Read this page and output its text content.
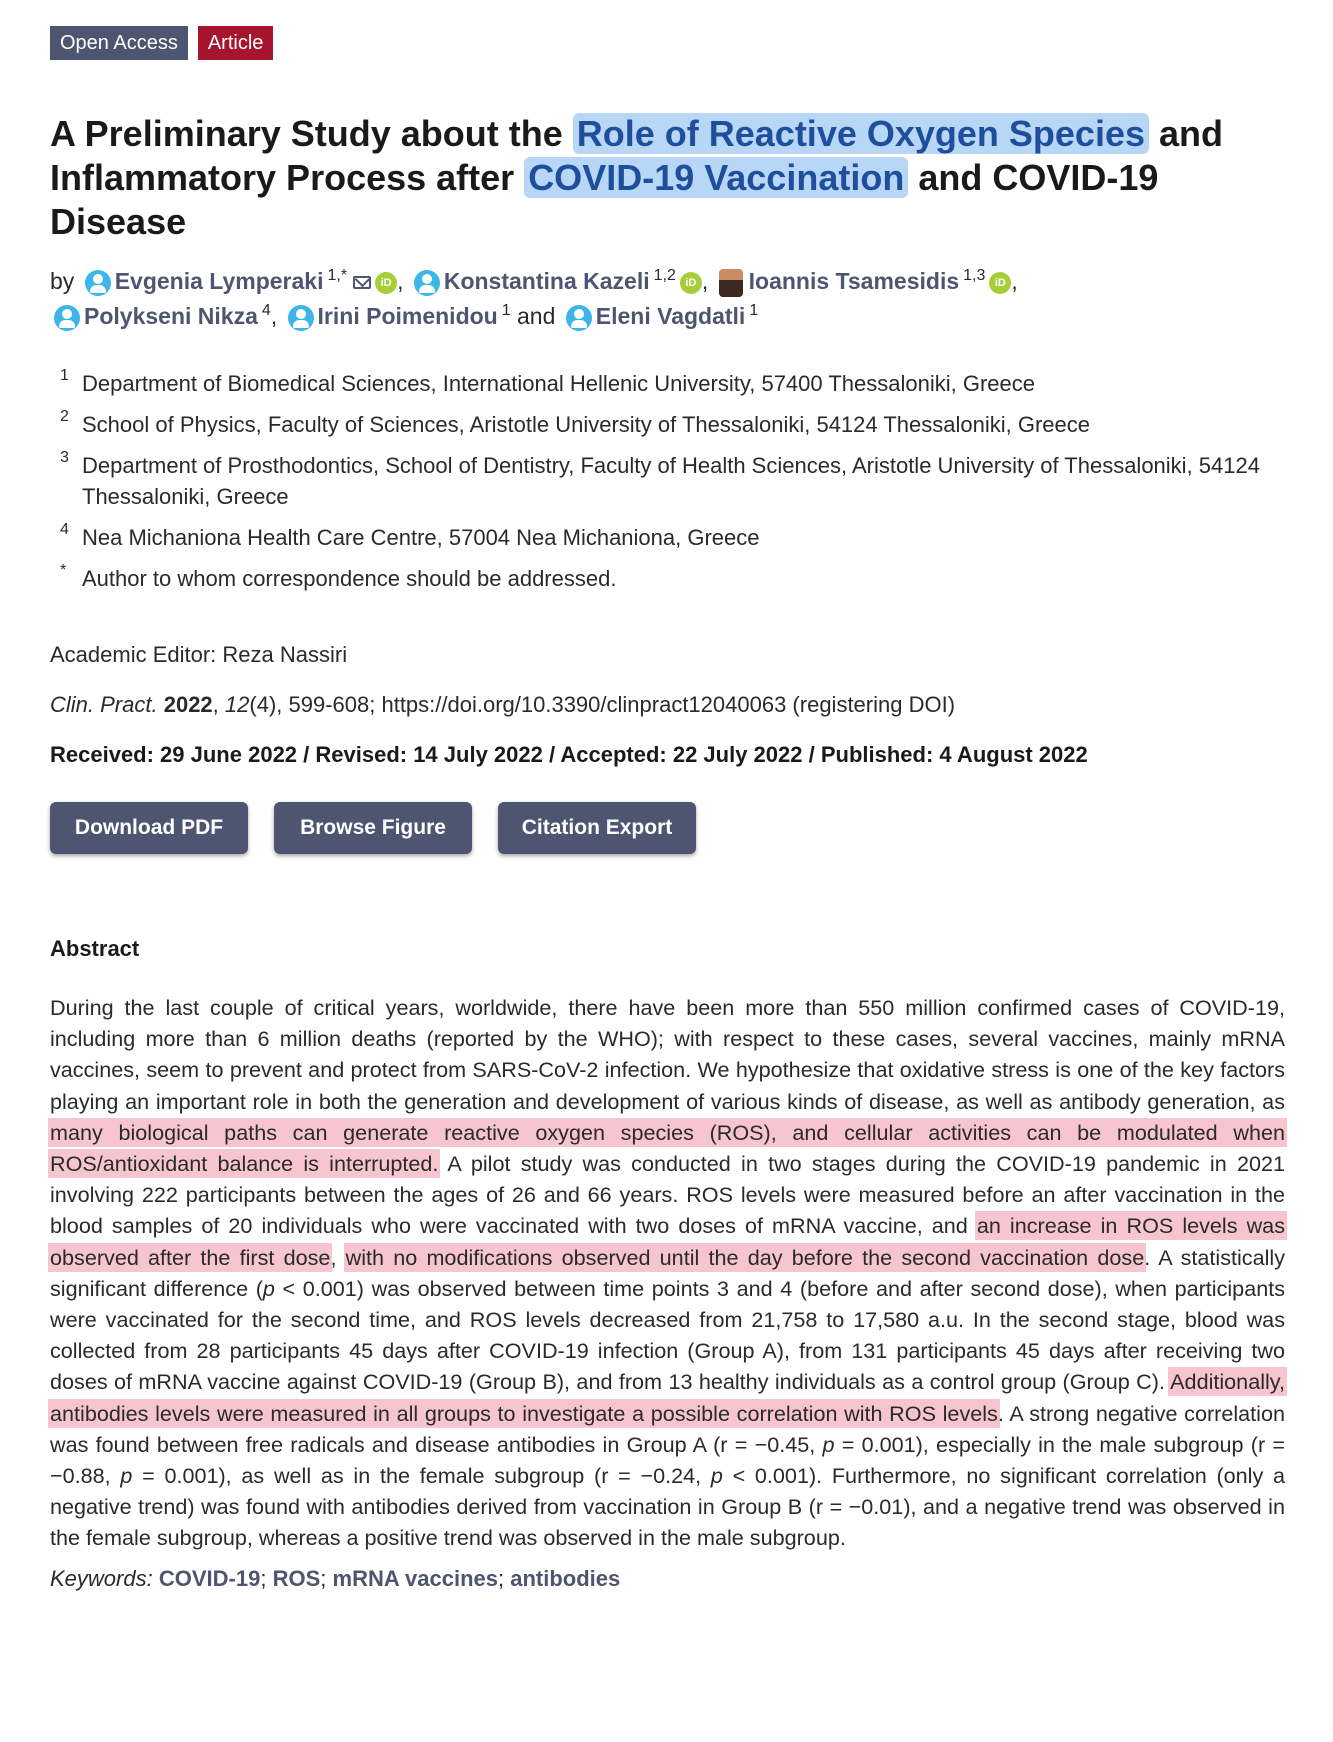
Open Access	Article
A Preliminary Study about the Role of Reactive Oxygen Species and Inflammatory Process after COVID-19 Vaccination and COVID-19 Disease
by Evgenia Lymperaki $^{1,*}$	iD , Konstantina Kazeli $^{1,2}$ iD , Ioannis Tsamesidis $^{1,3}$ iD ,
Polykseni Nikza $^4$, Irini Poimenidou $^1$ and Eleni Vagdatli $^1$
1 Department of Biomedical Sciences, International Hellenic University, 57400 Thessaloniki, Greece
2 School of Physics, Faculty of Sciences, Aristotle University of Thessaloniki, 54124 Thessaloniki, Greece
3 Department of Prosthodontics, School of Dentistry, Faculty of Health Sciences, Aristotle University of Thessaloniki, 54124 Thessaloniki, Greece
4 Nea Michaniona Health Care Centre, 57004 Nea Michaniona, Greece
* Author to whom correspondence should be addressed.
Academic Editor: Reza Nassiri
Clin. Pract. 2022, 12(4), 599-608; https://doi.org/10.3390/clinpract12040063 (registering DOI)
Received: 29 June 2022 / Revised: 14 July 2022 / Accepted: 22 July 2022 / Published: 4 August 2022
Download PDF	Browse Figure	Citation Export
Abstract
During the last couple of critical years, worldwide, there have been more than 550 million confirmed cases of COVID-19, including more than 6 million deaths (reported by the WHO); with respect to these cases, several vaccines, mainly mRNA vaccines, seem to prevent and protect from SARS-CoV-2 infection. We hypothesize that oxidative stress is one of the key factors playing an important role in both the generation and development of various kinds of disease, as well as antibody generation, as many biological paths can generate reactive oxygen species (ROS), and cellular activities can be modulated when ROS/antioxidant balance is interrupted. A pilot study was conducted in two stages during the COVID-19 pandemic in 2021 involving 222 participants between the ages of 26 and 66 years. ROS levels were measured before an after vaccination in the blood samples of 20 individuals who were vaccinated with two doses of mRNA vaccine, and an increase in ROS levels was observed after the first dose, with no modifications observed until the day before the second vaccination dose. A statistically significant difference (p < 0.001) was observed between time points 3 and 4 (before and after second dose), when participants were vaccinated for the second time, and ROS levels decreased from 21,758 to 17,580 a.u. In the second stage, blood was collected from 28 participants 45 days after COVID-19 infection (Group A), from 131 participants 45 days after receiving two doses of mRNA vaccine against COVID-19 (Group B), and from 13 healthy individuals as a control group (Group C). Additionally, antibodies levels were measured in all groups to investigate a possible correlation with ROS levels. A strong negative correlation was found between free radicals and disease antibodies in Group A (r = −0.45, p = 0.001), especially in the male subgroup (r = −0.88, p = 0.001), as well as in the female subgroup (r = −0.24, p < 0.001). Furthermore, no significant correlation (only a negative trend) was found with antibodies derived from vaccination in Group B (r = −0.01), and a negative trend was observed in the female subgroup, whereas a positive trend was observed in the male subgroup.
Keywords: COVID-19; ROS; mRNA vaccines; antibodies
